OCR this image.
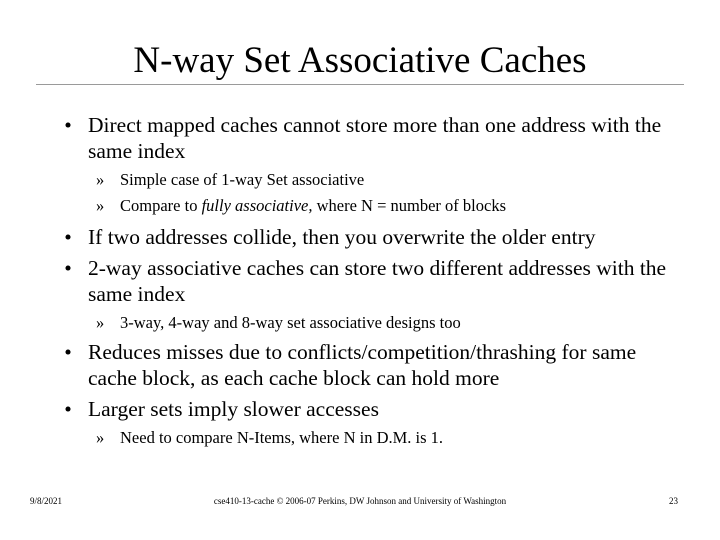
N-way Set Associative Caches
• Direct mapped caches cannot store more than one address with the same index
» Simple case of 1-way Set associative
» Compare to fully associative, where N = number of blocks
• If two addresses collide, then you overwrite the older entry
• 2-way associative caches can store two different addresses with the same index
» 3-way, 4-way and 8-way set associative designs too
• Reduces misses due to conflicts/competition/thrashing for same cache block, as each cache block can hold more
• Larger sets imply slower accesses
» Need to compare N-Items, where N in D.M. is 1.
9/8/2021	cse410-13-cache © 2006-07 Perkins, DW Johnson and University of Washington	23
